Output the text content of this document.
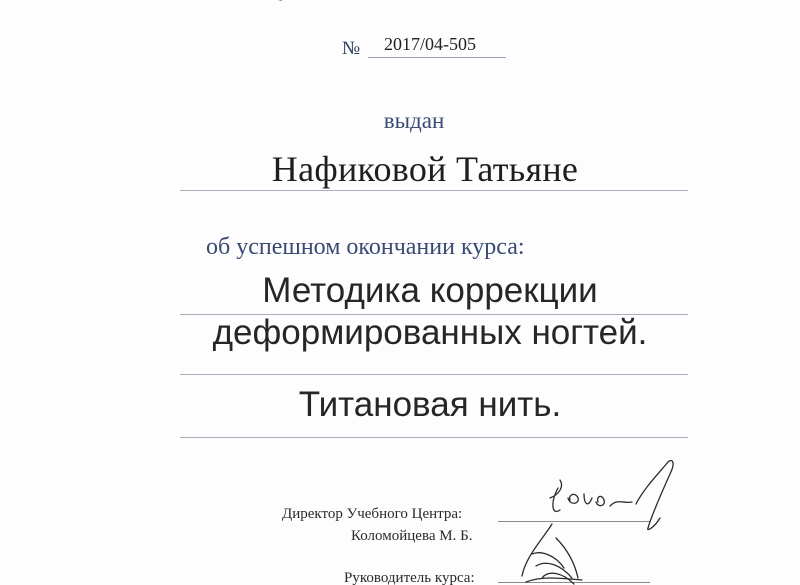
№ 2017/04-505
выдан
Нафиковой Татьяне
об успешном окончании курса:
Методика коррекции
деформированных ногтей.
Титановая нить.
Директор Учебного Центра:
Коломойцева М. Б.
Руководитель курса:
